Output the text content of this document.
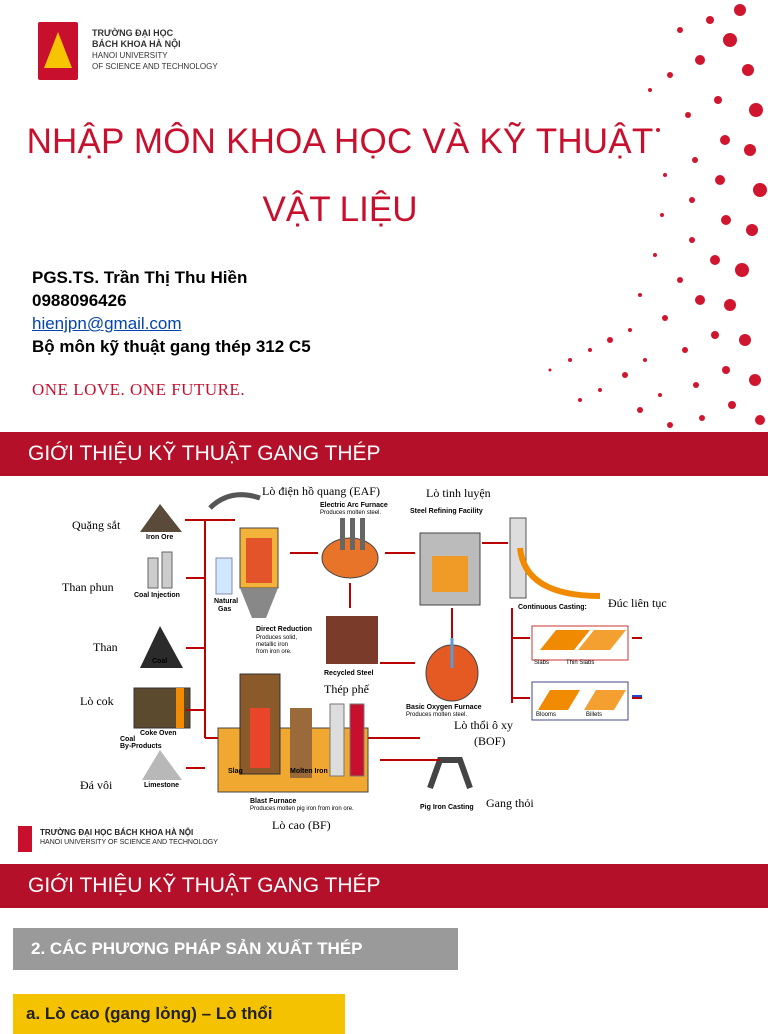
TRƯỜNG ĐẠI HỌC
BÁCH KHOA HÀ NỘI
HANOI UNIVERSITY
OF SCIENCE AND TECHNOLOGY
NHẬP MÔN KHOA HỌC VÀ KỸ THUẬT
VẬT LIỆU
PGS.TS. Trần Thị Thu Hiền
0988096426
hienjpn@gmail.com
Bộ môn kỹ thuật gang thép 312 C5
ONE LOVE. ONE FUTURE.
GIỚI THIỆU KỸ THUẬT GANG THÉP
Lò điện hồ quang (EAF)	Lò tinh luyện
Quặng sắt
Than phun
Than
Lò cok
Đá vôi
Thép phế
Lò thổi ô xy
(BOF)
Lò cao (BF)
Gang thỏi
Đúc liên tục
Iron Ore
Coal Injection
Coal
Coke Oven
Coal
By-Products
Limestone
Natural
Gas
Direct Reduction
Produces solid,
metallic iron
from iron ore.
Electric Arc Furnace
Produces molten steel.	Steel Refining Facility
Recycled Steel
Basic Oxygen Furnace
Produces molten steel.
Continuous Casting:
Slabs	Thin Slabs
Blooms	Billets
Slag	Molten Iron
Blast Furnace
Produces molten pig iron from iron ore.	Pig Iron Casting
TRƯỜNG ĐẠI HỌC BÁCH KHOA HÀ NỘI
HANOI UNIVERSITY OF SCIENCE AND TECHNOLOGY
GIỚI THIỆU KỸ THUẬT GANG THÉP
2. CÁC PHƯƠNG PHÁP SẢN XUẤT THÉP
a. Lò cao (gang lỏng) – Lò thổi
